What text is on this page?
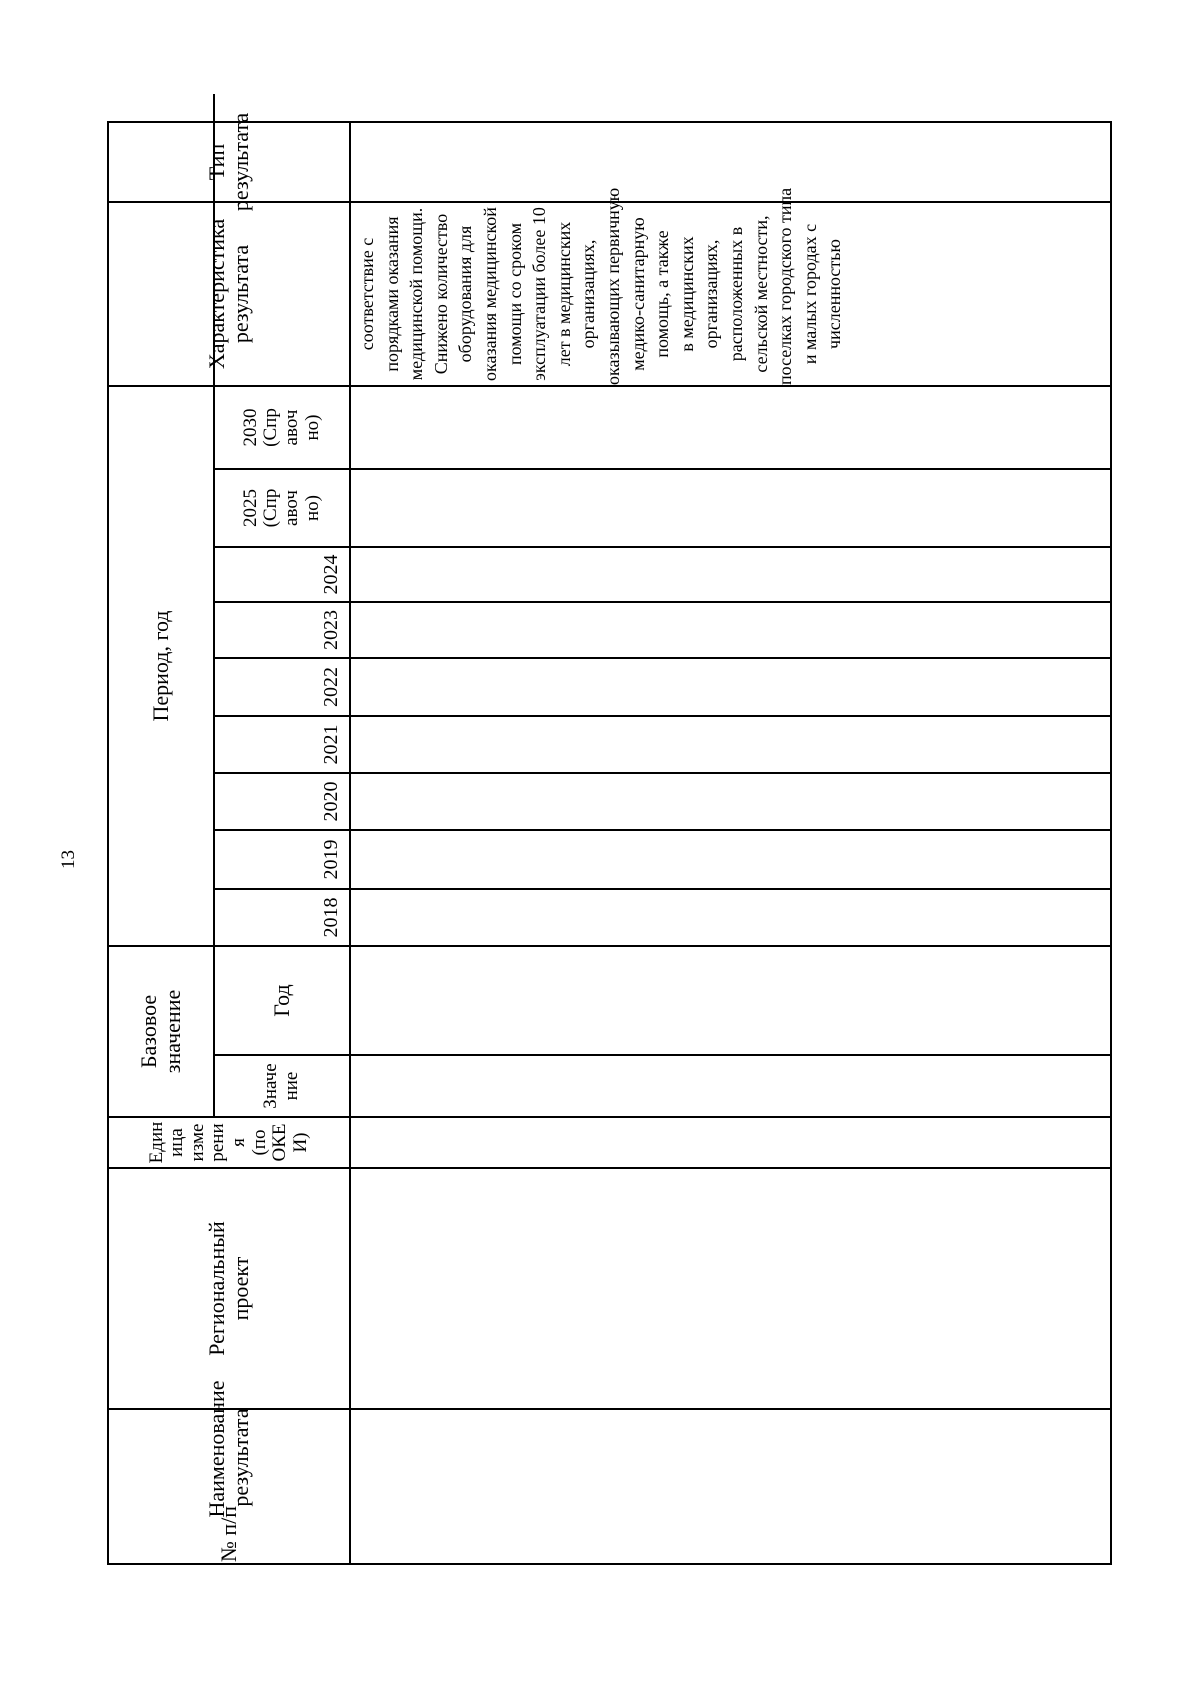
13
№ п/п
Наименование результата
Региональный проект
Един ица изме рени я (по ОКЕ И)
Базовое значение
Значе ние
Год
Период, год
2018
2019
2020
2021
2022
2023
2024
2025 (Спр авоч но)
2030 (Спр авоч но)
Характеристика результата
Тип результата
соответствие с порядками оказания медицинской помощи. Снижено количество оборудования для оказания медицинской помощи со сроком эксплуатации более 10 лет в медицинских организациях, оказывающих первичную медико-санитарную помощь, а также в медицинских организациях, расположенных в сельской местности, поселках городского типа и малых городах с численностью
